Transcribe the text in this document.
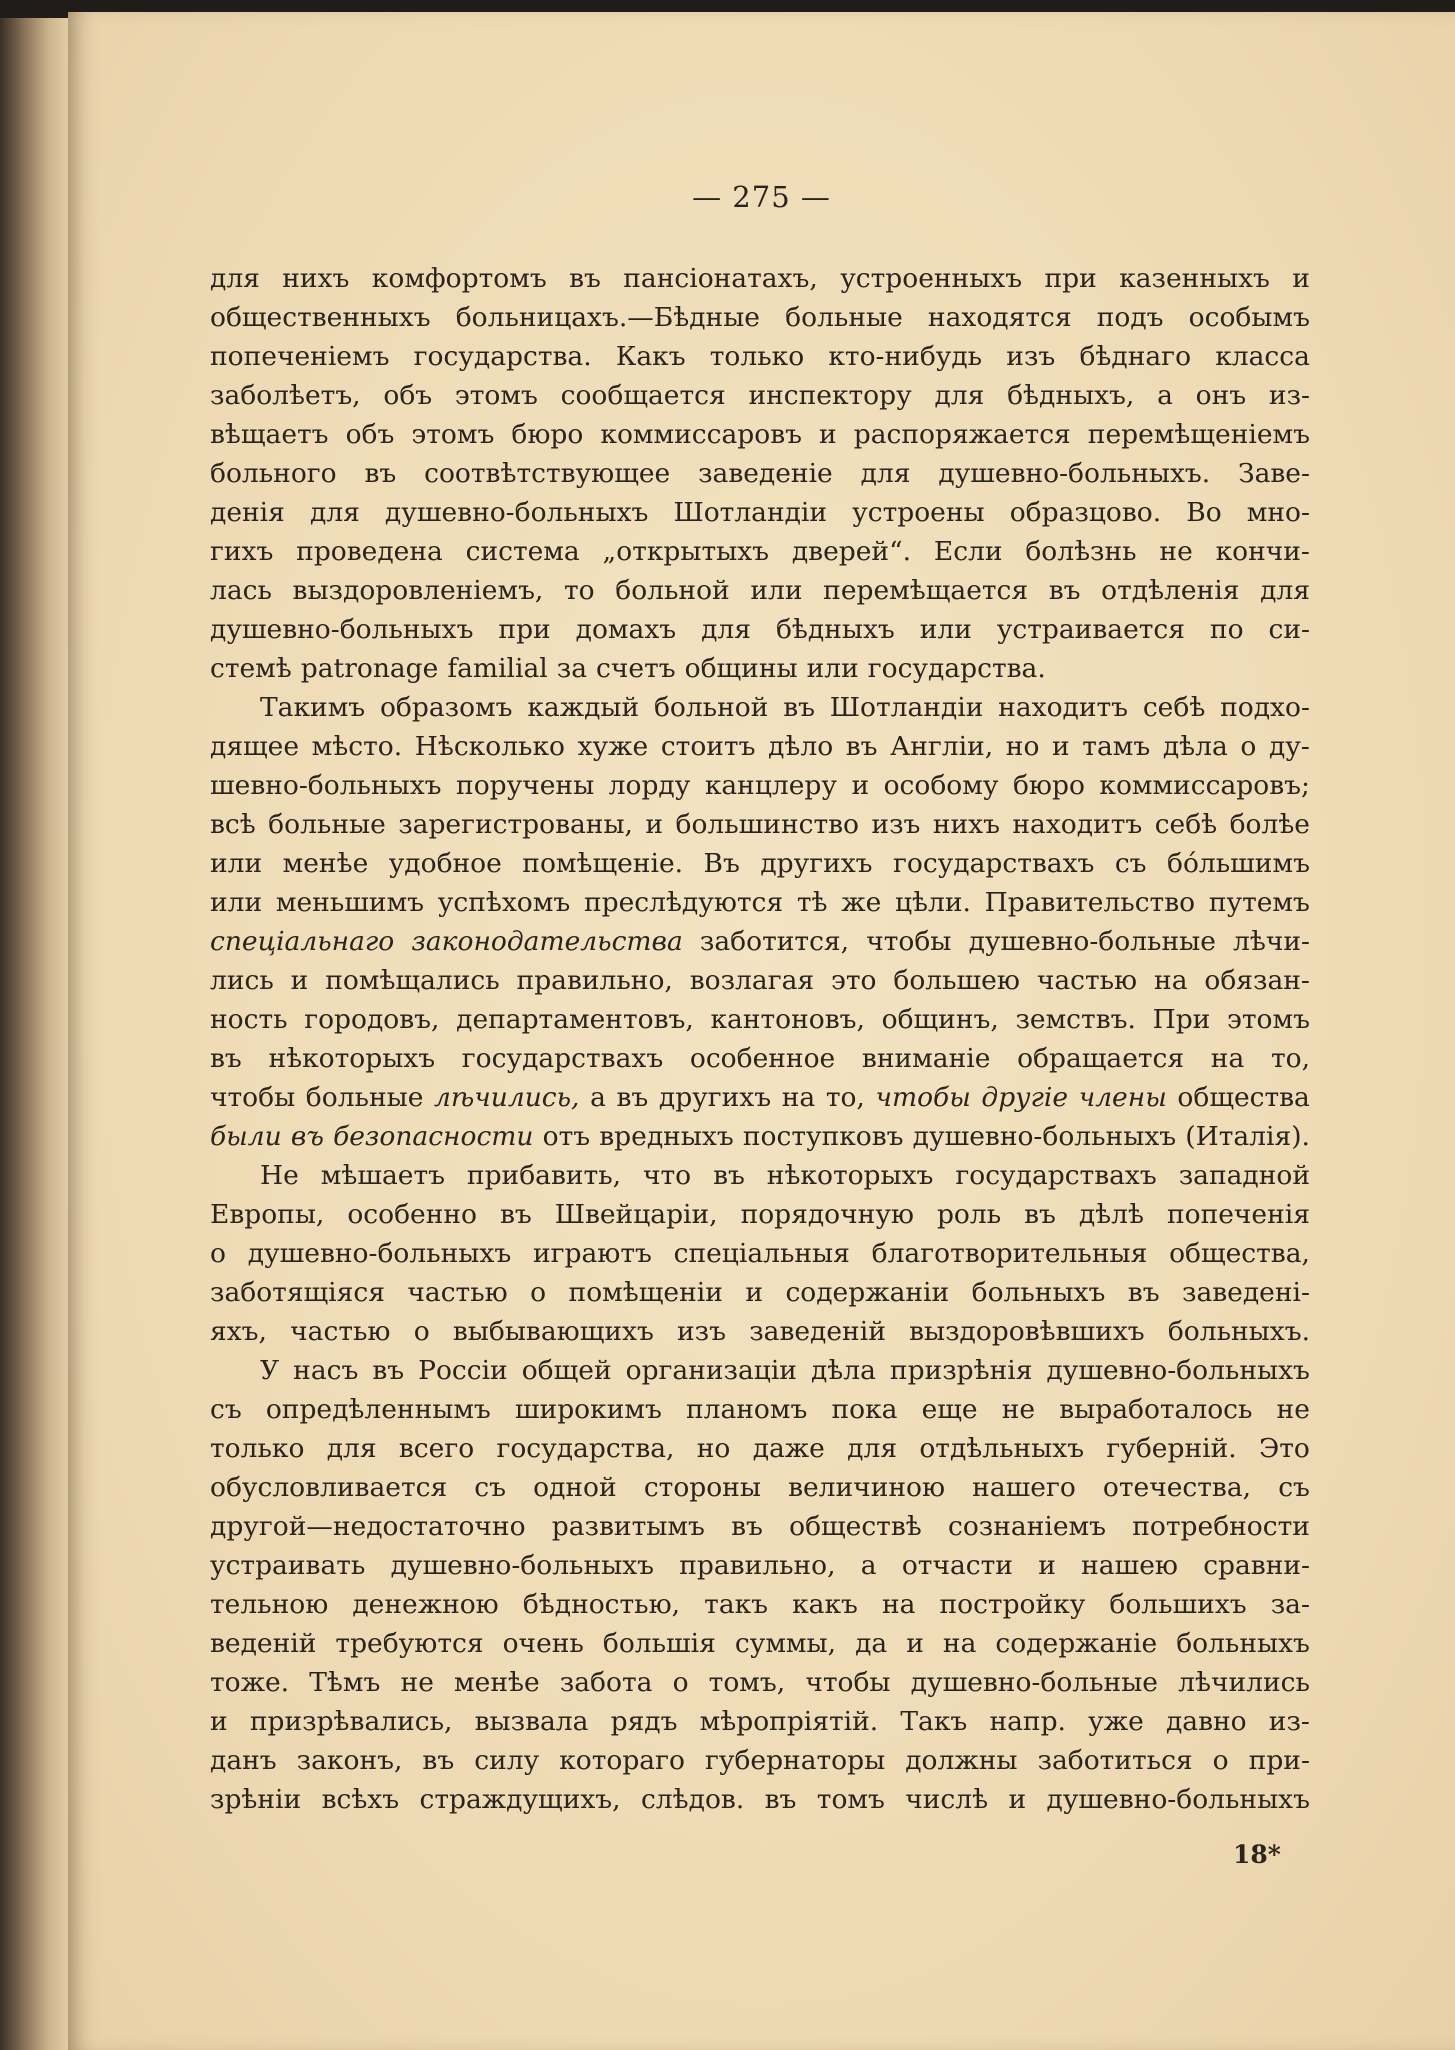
— 275 —
для нихъ комфортомъ въ пансіонатахъ, устроенныхъ при казенныхъ и
общественныхъ больницахъ.—Бѣдные больные находятся подъ особымъ
попеченіемъ государства. Какъ только кто-нибудь изъ бѣднаго класса
заболѣетъ, объ этомъ сообщается инспектору для бѣдныхъ, а онъ из-
вѣщаетъ объ этомъ бюро коммиссаровъ и распоряжается перемѣщеніемъ
больного въ соотвѣтствующее заведеніе для душевно-больныхъ. Заве-
денія для душевно-больныхъ Шотландіи устроены образцово. Во мно-
гихъ проведена система „открытыхъ дверей“. Если болѣзнь не кончи-
лась выздоровленіемъ, то больной или перемѣщается въ отдѣленія для
душевно-больныхъ при домахъ для бѣдныхъ или устраивается по си-
стемѣ patronage familial за счетъ общины или государства.
Такимъ образомъ каждый больной въ Шотландіи находитъ себѣ подхо-
дящее мѣсто. Нѣсколько хуже стоитъ дѣло въ Англіи, но и тамъ дѣла о ду-
шевно-больныхъ поручены лорду канцлеру и особому бюро коммиссаровъ;
всѣ больные зарегистрованы, и большинство изъ нихъ находитъ себѣ болѣе
или менѣе удобное помѣщеніе. Въ другихъ государствахъ съ бóльшимъ
или меньшимъ успѣхомъ преслѣдуются тѣ же цѣли. Правительство путемъ
спеціальнаго законодательства заботится, чтобы душевно-больные лѣчи-
лись и помѣщались правильно, возлагая это большею частью на обязан-
ность городовъ, департаментовъ, кантоновъ, общинъ, земствъ. При этомъ
въ нѣкоторыхъ государствахъ особенное вниманіе обращается на то,
чтобы больные лѣчились, а въ другихъ на то, чтобы другіе члены общества
были въ безопасности отъ вредныхъ поступковъ душевно-больныхъ (Италія).
Не мѣшаетъ прибавить, что въ нѣкоторыхъ государствахъ западной
Европы, особенно въ Швейцаріи, порядочную роль въ дѣлѣ попеченія
о душевно-больныхъ играютъ спеціальныя благотворительныя общества,
заботящіяся частью о помѣщеніи и содержаніи больныхъ въ заведені-
яхъ, частью о выбывающихъ изъ заведеній выздоровѣвшихъ больныхъ.
У насъ въ Россіи общей организаціи дѣла призрѣнія душевно-больныхъ
съ опредѣленнымъ широкимъ планомъ пока еще не выработалось не
только для всего государства, но даже для отдѣльныхъ губерній. Это
обусловливается съ одной стороны величиною нашего отечества, съ
другой—недостаточно развитымъ въ обществѣ сознаніемъ потребности
устраивать душевно-больныхъ правильно, а отчасти и нашею сравни-
тельною денежною бѣдностью, такъ какъ на постройку большихъ за-
веденій требуются очень большія суммы, да и на содержаніе больныхъ
тоже. Тѣмъ не менѣе забота о томъ, чтобы душевно-больные лѣчились
и призрѣвались, вызвала рядъ мѣропріятій. Такъ напр. уже давно из-
данъ законъ, въ силу котораго губернаторы должны заботиться о при-
зрѣніи всѣхъ страждущихъ, слѣдов. въ томъ числѣ и душевно-больныхъ
18*
